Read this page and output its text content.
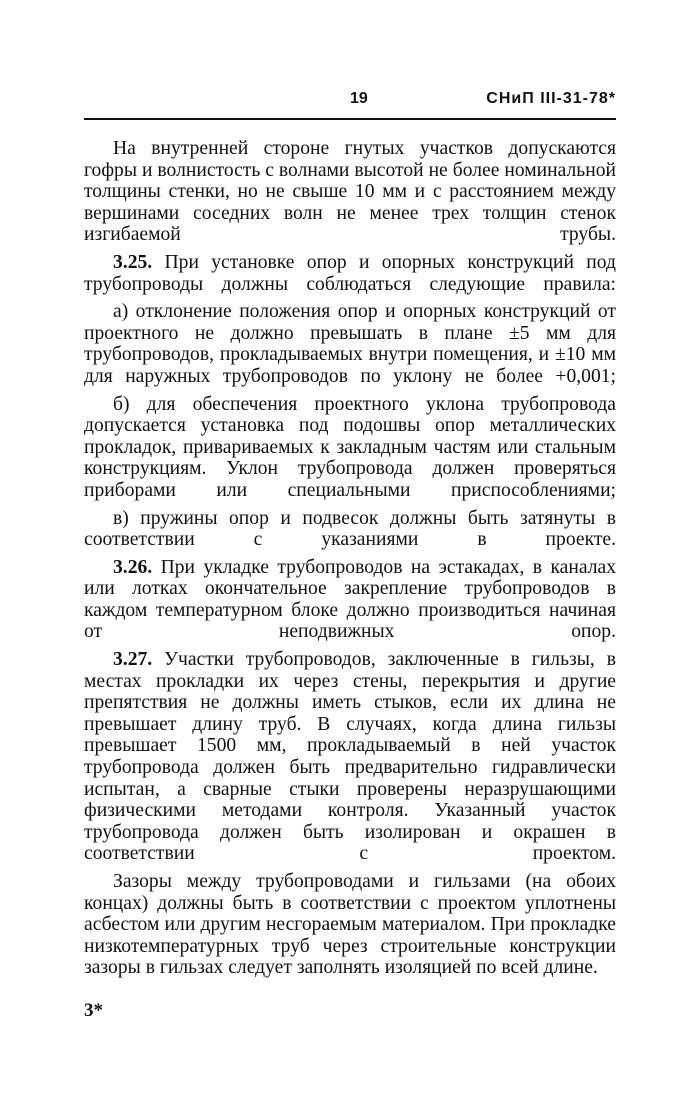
19	СНиП III-31-78*

На внутренней стороне гнутых участков допускаются гофры и волнистость с волнами высотой не более номинальной толщины стенки, но не свыше 10 мм и с расстоянием между вершинами соседних волн не менее трех толщин стенок изгибаемой трубы.

3.25. При установке опор и опорных конструкций под трубопроводы должны соблюдаться следующие правила:

а) отклонение положения опор и опорных конструкций от проектного не должно превышать в плане ±5 мм для трубопроводов, прокладываемых внутри помещения, и ±10 мм для наружных трубопроводов по уклону не более +0,001;

б) для обеспечения проектного уклона трубопровода допускается установка под подошвы опор металлических прокладок, привариваемых к закладным частям или стальным конструкциям. Уклон трубопровода должен проверяться приборами или специальными приспособлениями;

в) пружины опор и подвесок должны быть затянуты в соответствии с указаниями в проекте.

3.26. При укладке трубопроводов на эстакадах, в каналах или лотках окончательное закрепление трубопроводов в каждом температурном блоке должно производиться начиная от неподвижных опор.

3.27. Участки трубопроводов, заключенные в гильзы, в местах прокладки их через стены, перекрытия и другие препятствия не должны иметь стыков, если их длина не превышает длину труб. В случаях, когда длина гильзы превышает 1500 мм, прокладываемый в ней участок трубопровода должен быть предварительно гидравлически испытан, а сварные стыки проверены неразрушающими физическими методами контроля. Указанный участок трубопровода должен быть изолирован и окрашен в соответствии с проектом.

Зазоры между трубопроводами и гильзами (на обоих концах) должны быть в соответствии с проектом уплотнены асбестом или другим несгораемым материалом. При прокладке низкотемпературных труб через строительные конструкции зазоры в гильзах следует заполнять изоляцией по всей длине.

3*
